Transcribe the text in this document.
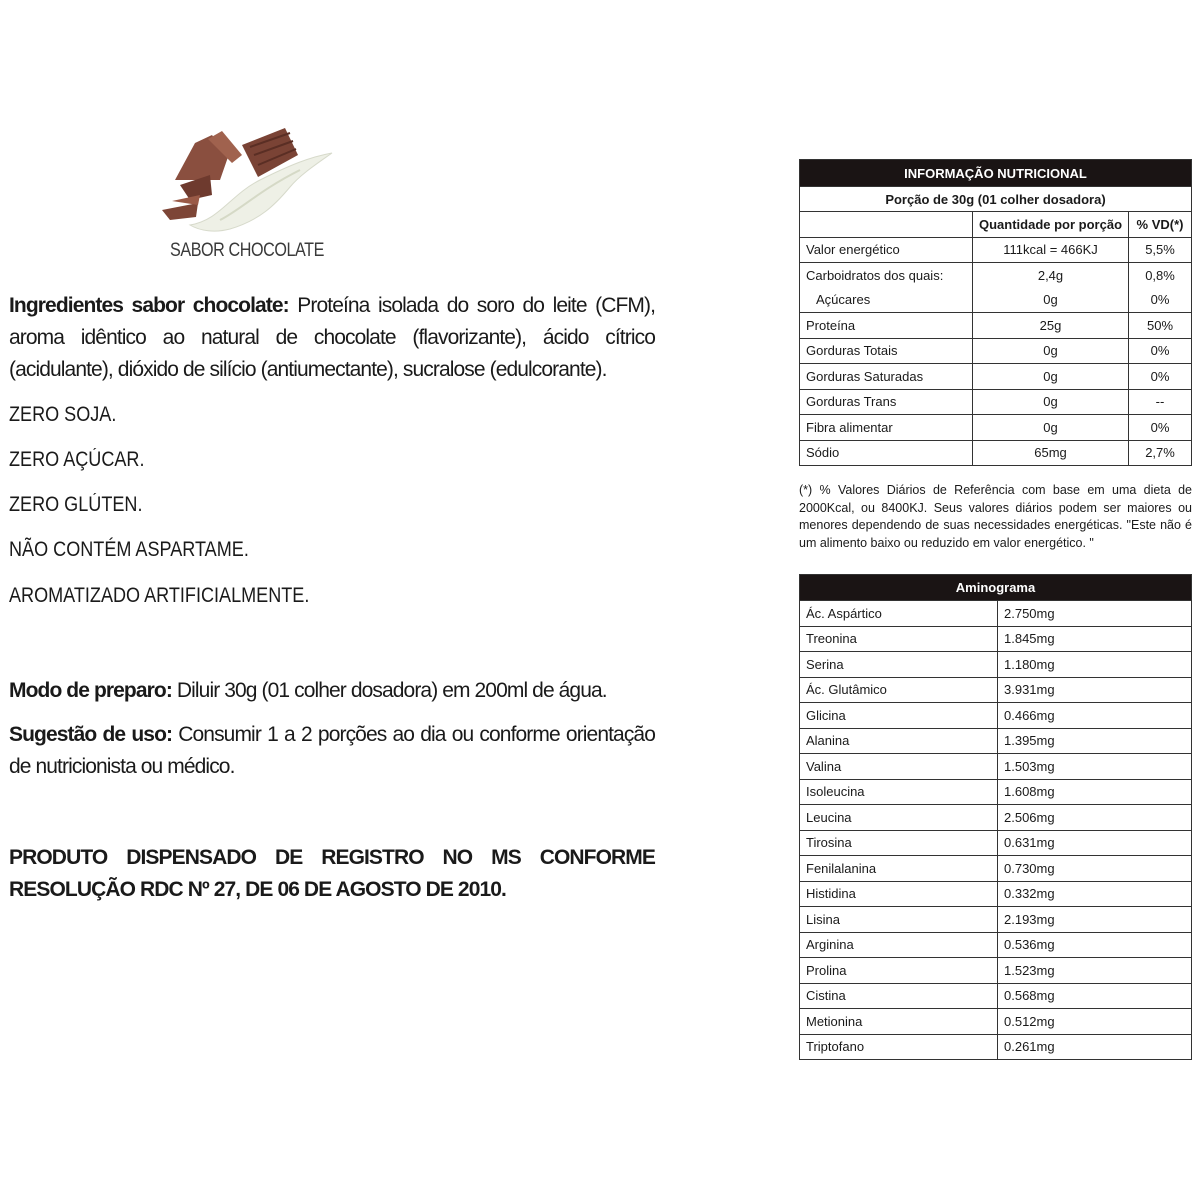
SABOR CHOCOLATE

Ingredientes sabor chocolate: Proteína isolada do soro do leite (CFM), aroma idêntico ao natural de chocolate (flavorizante), ácido cítrico (acidulante), dióxido de silício (antiumectante), sucralose (edulcorante).

ZERO SOJA.
ZERO AÇÚCAR.
ZERO GLÚTEN.
NÃO CONTÉM ASPARTAME.
AROMATIZADO ARTIFICIALMENTE.

Modo de preparo: Diluir 30g (01 colher dosadora) em 200ml de água.

Sugestão de uso: Consumir 1 a 2 porções ao dia ou conforme orientação de nutricionista ou médico.

PRODUTO DISPENSADO DE REGISTRO NO MS CONFORME RESOLUÇÃO RDC Nº 27, DE 06 DE AGOSTO DE 2010.
INFORMAÇÃO NUTRICIONAL		
Porção de 30g (01 colher dosadora)		
	Quantidade por porção	% VD(*)
Valor energético	111kcal = 466KJ	5,5%
Carboidratos dos quais:	2,4g	0,8%
Açúcares	0g	0%
Proteína	25g	50%
Gorduras Totais	0g	0%
Gorduras Saturadas	0g	0%
Gorduras Trans	0g	--
Fibra alimentar	0g	0%
Sódio	65mg	2,7%
(*) % Valores Diários de Referência com base em uma dieta de 2000Kcal, ou 8400KJ. Seus valores diários podem ser maiores ou menores dependendo de suas necessidades energéticas. "Este não é um alimento baixo ou reduzido em valor energético. "
Aminograma	
Ác. Aspártico	2.750mg
Treonina	1.845mg
Serina	1.180mg
Ác. Glutâmico	3.931mg
Glicina	0.466mg
Alanina	1.395mg
Valina	1.503mg
Isoleucina	1.608mg
Leucina	2.506mg
Tirosina	0.631mg
Fenilalanina	0.730mg
Histidina	0.332mg
Lisina	2.193mg
Arginina	0.536mg
Prolina	1.523mg
Cistina	0.568mg
Metionina	0.512mg
Triptofano	0.261mg
